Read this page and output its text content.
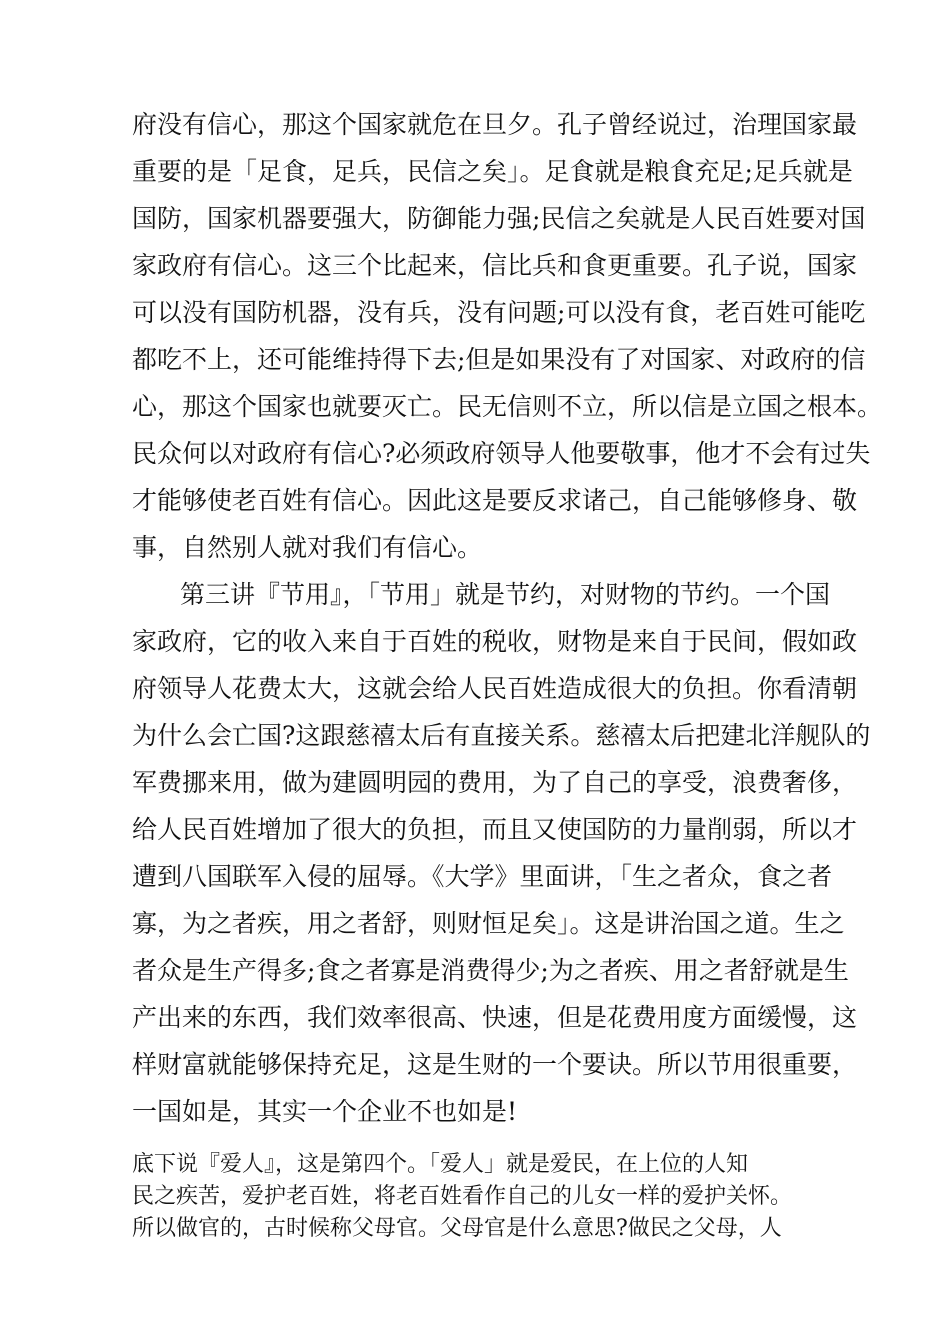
府没有信心，那这个国家就危在旦夕。孔子曾经说过，治理国家最
重要的是「足食，足兵，民信之矣」。足食就是粮食充足;足兵就是
国防，国家机器要强大，防御能力强;民信之矣就是人民百姓要对国
家政府有信心。这三个比起来，信比兵和食更重要。孔子说，国家
可以没有国防机器，没有兵，没有问题;可以没有食，老百姓可能吃
都吃不上，还可能维持得下去;但是如果没有了对国家、对政府的信
心，那这个国家也就要灭亡。民无信则不立，所以信是立国之根本。
民众何以对政府有信心?必须政府领导人他要敬事，他才不会有过失
才能够使老百姓有信心。因此这是要反求诸己，自己能够修身、敬
事，自然别人就对我们有信心。
第三讲『节用』，「节用」就是节约，对财物的节约。一个国
家政府，它的收入来自于百姓的税收，财物是来自于民间，假如政
府领导人花费太大，这就会给人民百姓造成很大的负担。你看清朝
为什么会亡国?这跟慈禧太后有直接关系。慈禧太后把建北洋舰队的
军费挪来用，做为建圆明园的费用，为了自己的享受，浪费奢侈，
给人民百姓增加了很大的负担，而且又使国防的力量削弱，所以才
遭到八国联军入侵的屈辱。《大学》里面讲，「生之者众，食之者
寡，为之者疾，用之者舒，则财恒足矣」。这是讲治国之道。生之
者众是生产得多;食之者寡是消费得少;为之者疾、用之者舒就是生
产出来的东西，我们效率很高、快速，但是花费用度方面缓慢，这
样财富就能够保持充足，这是生财的一个要诀。所以节用很重要，
一国如是，其实一个企业不也如是!
底下说『爱人』，这是第四个。「爱人」就是爱民，在上位的人知
民之疾苦，爱护老百姓，将老百姓看作自己的儿女一样的爱护关怀。
所以做官的，古时候称父母官。父母官是什么意思?做民之父母，人
